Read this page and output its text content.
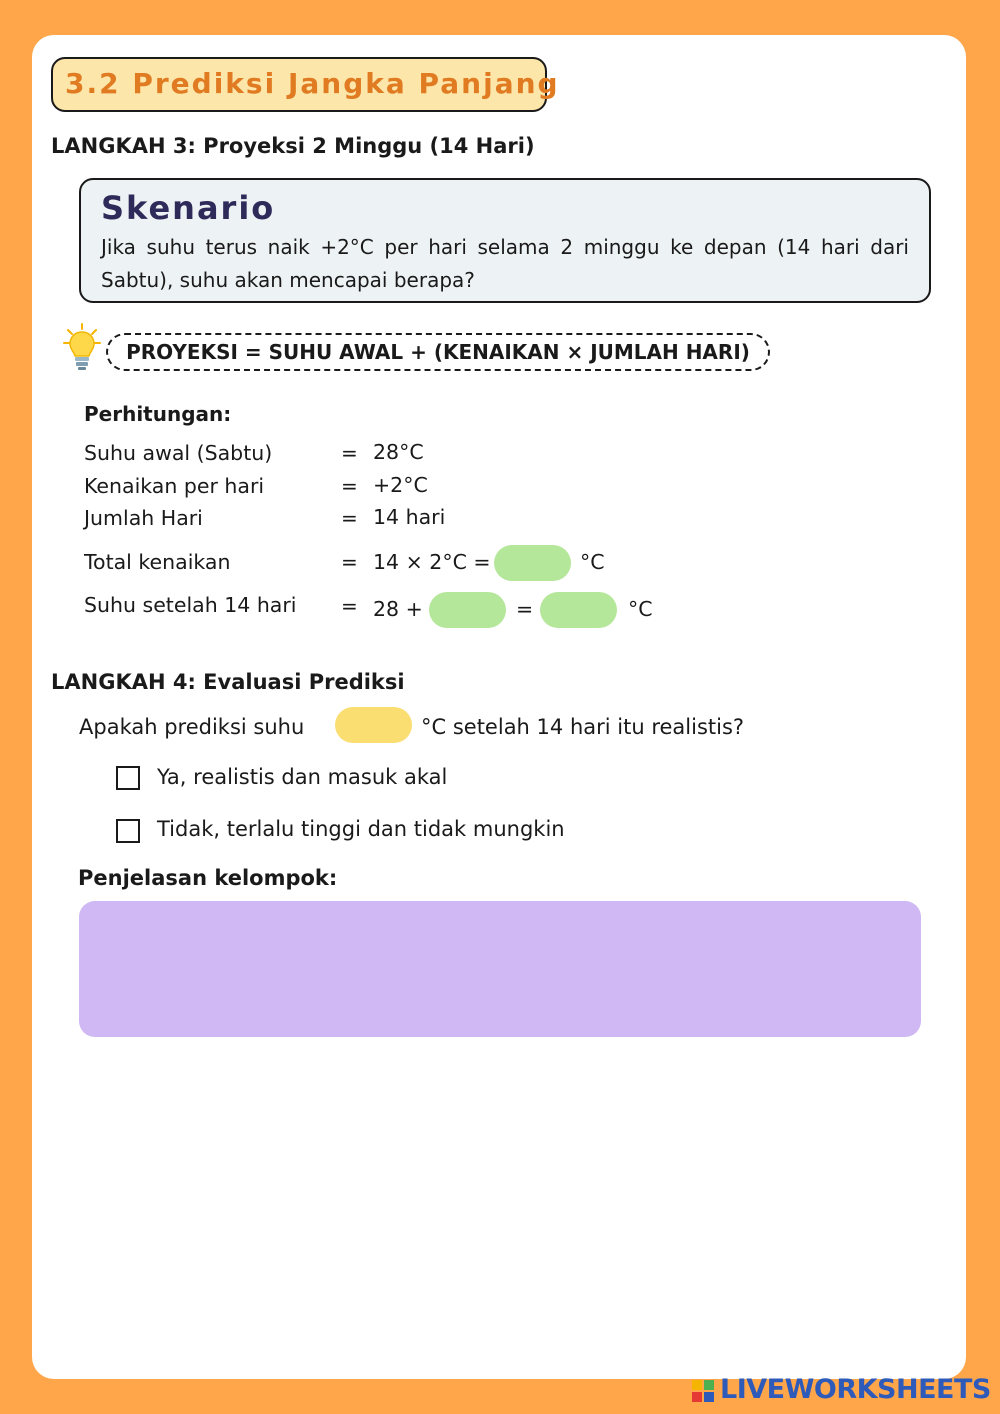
3.2 Prediksi Jangka Panjang
LANGKAH 3: Proyeksi 2 Minggu (14 Hari)
Skenario
Jika suhu terus naik +2°C per hari selama 2 minggu ke depan (14 hari dari Sabtu), suhu akan mencapai berapa?
PROYEKSI = SUHU AWAL + (KENAIKAN × JUMLAH HARI)
Perhitungan:
Suhu awal (Sabtu)	= 28°C
Kenaikan per hari	= +2°C
Jumlah Hari	= 14 hari
Total kenaikan	= 14 × 2°C =	°C
Suhu setelah 14 hari = 28 +	=	°C
LANGKAH 4: Evaluasi Prediksi
Apakah prediksi suhu	°C setelah 14 hari itu realistis?
Ya, realistis dan masuk akal
Tidak, terlalu tinggi dan tidak mungkin
Penjelasan kelompok:
LIVEWORKSHEETS
